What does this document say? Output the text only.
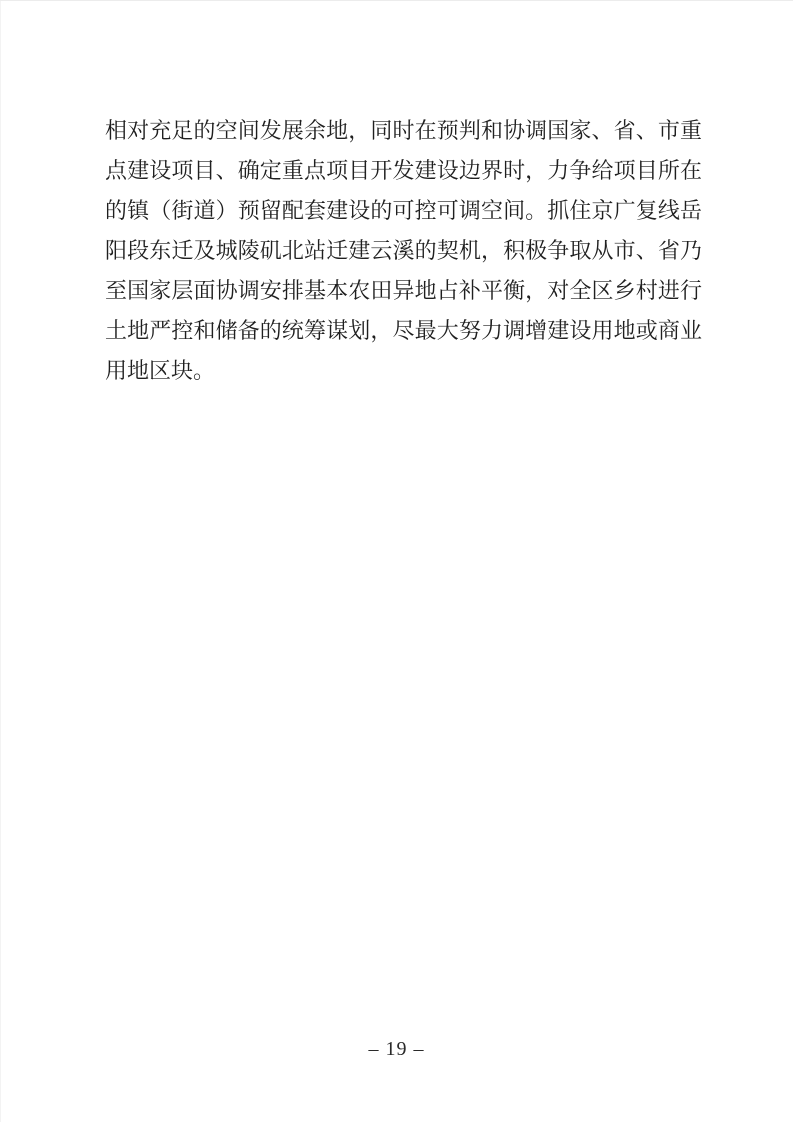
相对充足的空间发展余地，同时在预判和协调国家、省、市重
点建设项目、确定重点项目开发建设边界时，力争给项目所在
的镇（街道）预留配套建设的可控可调空间。抓住京广复线岳
阳段东迁及城陵矶北站迁建云溪的契机，积极争取从市、省乃
至国家层面协调安排基本农田异地占补平衡，对全区乡村进行
土地严控和储备的统筹谋划，尽最大努力调增建设用地或商业
用地区块。
– 19 –
